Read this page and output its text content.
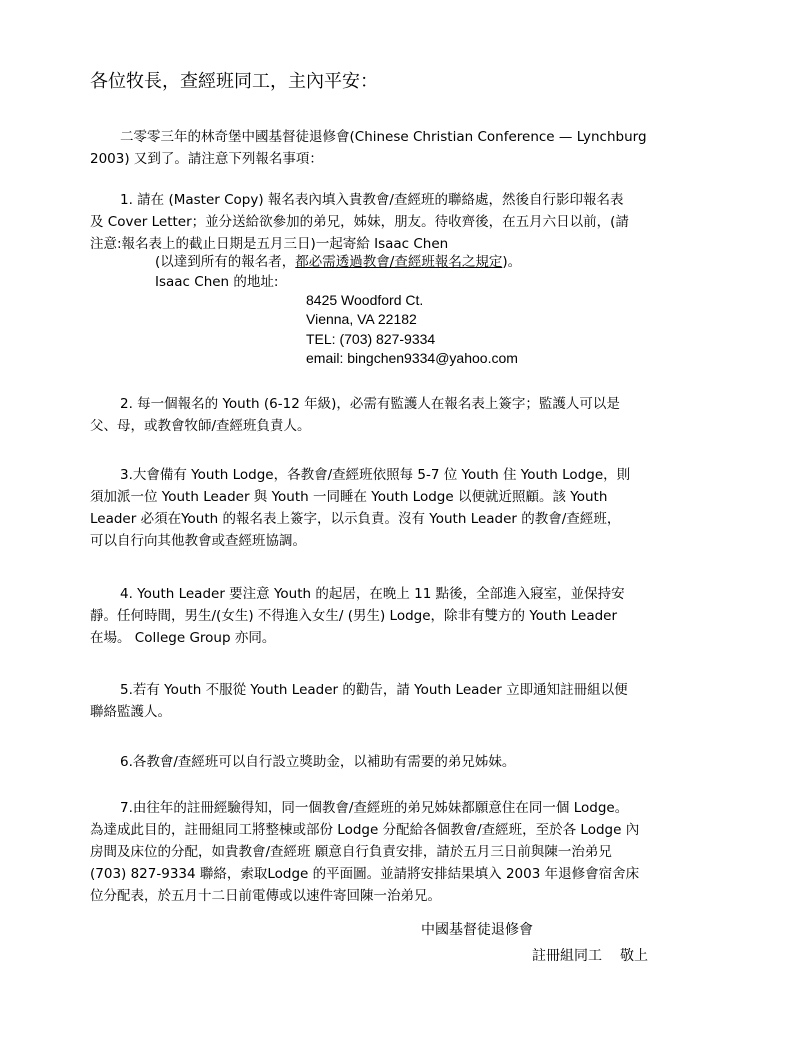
各位牧長，查經班同工，主內平安：

二零零三年的林奇堡中國基督徒退修會(Chinese Christian Conference — Lynchburg
2003) 又到了。請注意下列報名事項：

1. 請在 (Master Copy) 報名表內填入貴教會/查經班的聯絡處，然後自行影印報名表
及 Cover Letter；並分送給欲參加的弟兄，姊妹，朋友。待收齊後，在五月六日以前，(請
注意:報名表上的截止日期是五月三日)一起寄給 Isaac Chen

(以達到所有的報名者，都必需透過教會/查經班報名之規定)。
Isaac Chen 的地址:
8425 Woodford Ct.
Vienna, VA 22182
TEL: (703) 827-9334
email: bingchen9334@yahoo.com

2. 每一個報名的 Youth (6-12 年級)，必需有監護人在報名表上簽字；監護人可以是
父、母，或教會牧師/查經班負責人。

3.大會備有 Youth Lodge，各教會/查經班依照每 5-7 位 Youth 住 Youth Lodge，則
須加派一位 Youth Leader 與 Youth 一同睡在 Youth Lodge 以便就近照顧。該 Youth
Leader 必須在Youth 的報名表上簽字，以示負責。沒有 Youth Leader 的教會/查經班，
可以自行向其他教會或查經班協調。

4. Youth Leader 要注意 Youth 的起居，在晚上 11 點後，全部進入寢室，並保持安
靜。任何時間，男生/(女生) 不得進入女生/ (男生) Lodge，除非有雙方的 Youth Leader
在場。 College Group 亦同。

5.若有 Youth 不服從 Youth Leader 的勸告，請 Youth Leader 立即通知註冊組以便
聯絡監護人。

6.各教會/查經班可以自行設立獎助金，以補助有需要的弟兄姊妹。

7.由往年的註冊經驗得知，同一個教會/查經班的弟兄姊妹都願意住在同一個 Lodge。
為達成此目的，註冊組同工將整棟或部份 Lodge 分配給各個教會/查經班，至於各 Lodge 內
房間及床位的分配，如貴教會/查經班 願意自行負責安排，請於五月三日前與陳一治弟兄
(703) 827-9334 聯絡，索取Lodge 的平面圖。並請將安排結果填入 2003 年退修會宿舍床
位分配表，於五月十二日前電傳或以速件寄回陳一治弟兄。

中國基督徒退修會
註冊組同工 敬上
